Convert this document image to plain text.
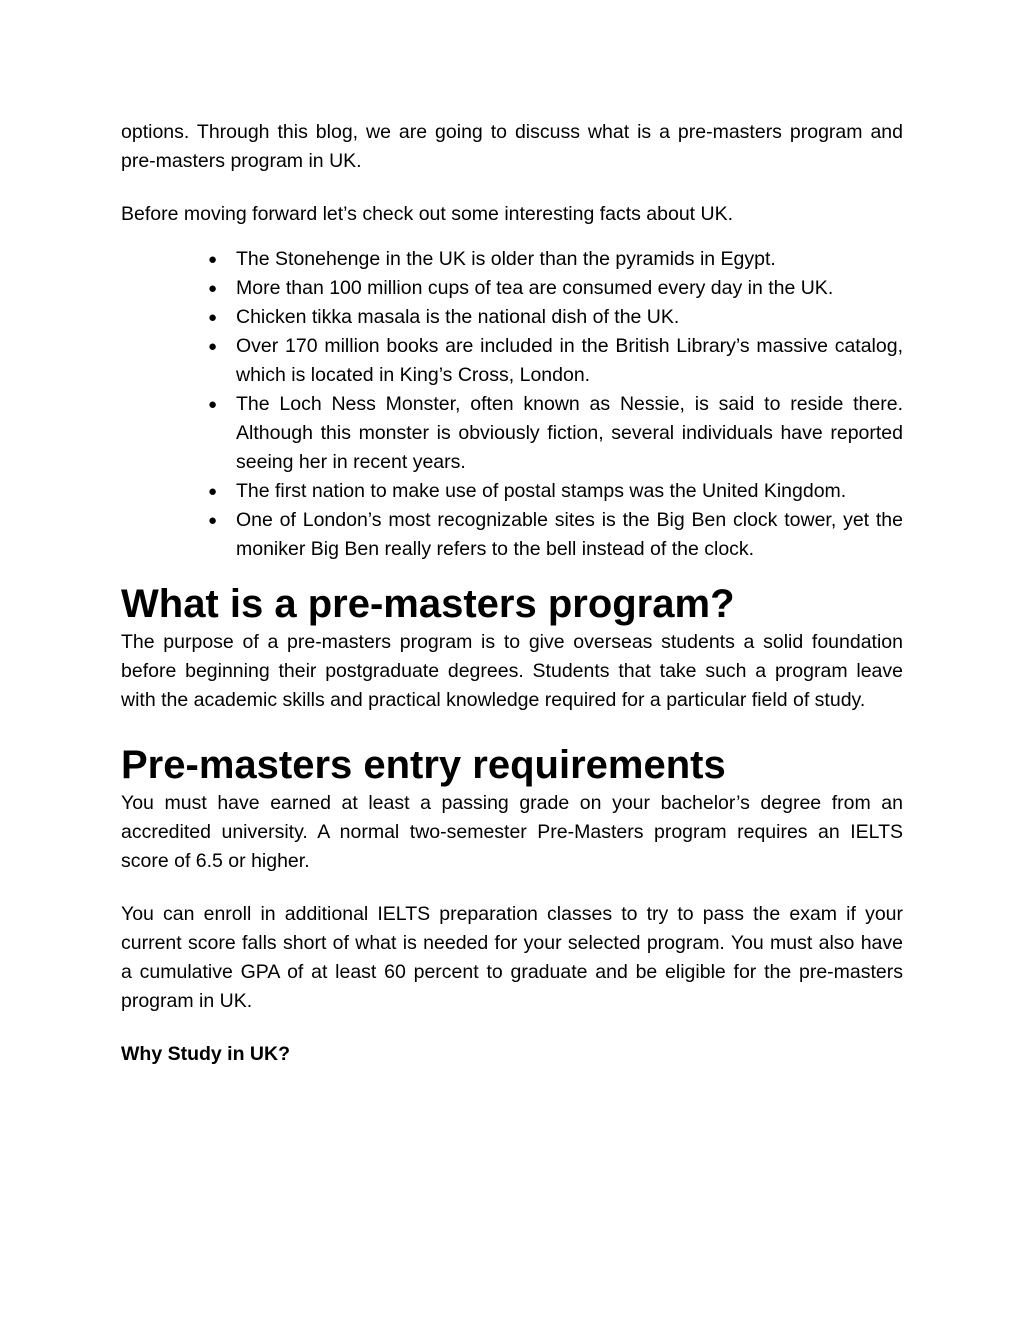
options. Through this blog, we are going to discuss what is a pre-masters program and pre-masters program in UK.

Before moving forward let’s check out some interesting facts about UK.

● The Stonehenge in the UK is older than the pyramids in Egypt.
● More than 100 million cups of tea are consumed every day in the UK.
● Chicken tikka masala is the national dish of the UK.
● Over 170 million books are included in the British Library’s massive catalog, which is located in King’s Cross, London.
● The Loch Ness Monster, often known as Nessie, is said to reside there. Although this monster is obviously fiction, several individuals have reported seeing her in recent years.
● The first nation to make use of postal stamps was the United Kingdom.
● One of London’s most recognizable sites is the Big Ben clock tower, yet the moniker Big Ben really refers to the bell instead of the clock.
What is a pre-masters program?

The purpose of a pre-masters program is to give overseas students a solid foundation before beginning their postgraduate degrees. Students that take such a program leave with the academic skills and practical knowledge required for a particular field of study.

Pre-masters entry requirements

You must have earned at least a passing grade on your bachelor’s degree from an accredited university. A normal two-semester Pre-Masters program requires an IELTS score of 6.5 or higher.

You can enroll in additional IELTS preparation classes to try to pass the exam if your current score falls short of what is needed for your selected program. You must also have a cumulative GPA of at least 60 percent to graduate and be eligible for the pre-masters program in UK.

Why Study in UK?
